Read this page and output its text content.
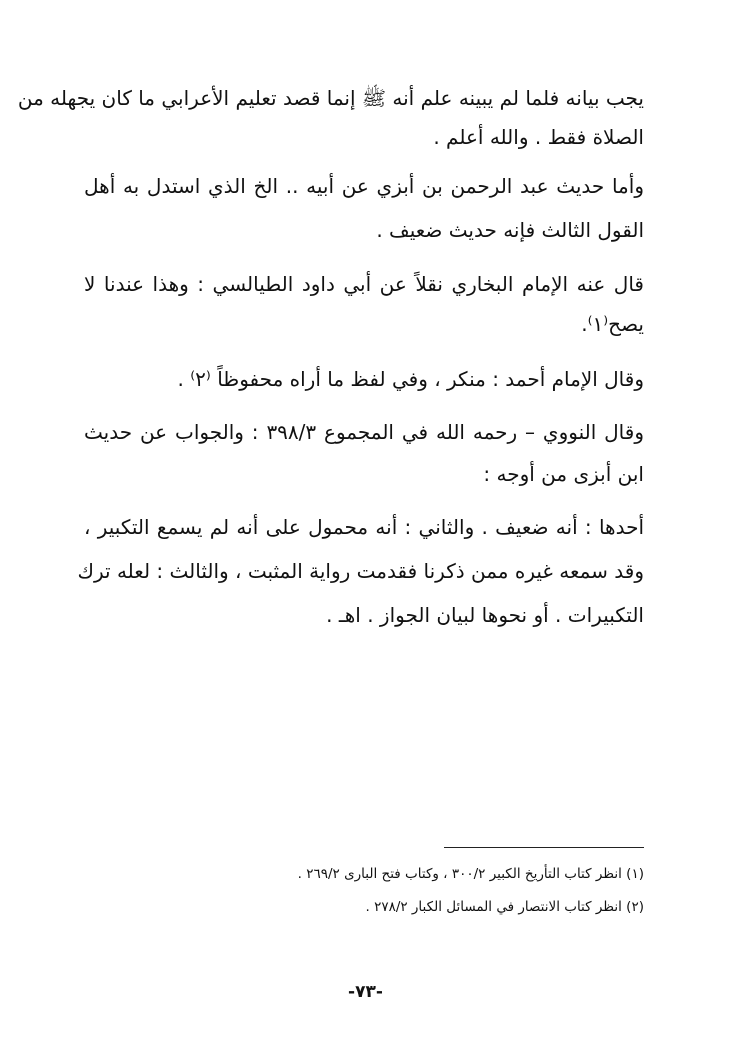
يجب بيانه فلما لم يبينه علم أنه ﷺ إنما قصد تعليم الأعرابي ما كان يجهله من
الصلاة فقط . والله أعلم .
وأما حديث عبد الرحمن بن أبزي عن أبيه .. الخ الذي استدل به أهل
القول الثالث فإنه حديث ضعيف .
قال عنه الإمام البخاري نقلاً عن أبي داود الطيالسي : وهذا عندنا لا
يصح⁽١⁾.
وقال الإمام أحمد : منكر ، وفي لفظ ما أراه محفوظاً ⁽٢⁾ .
وقال النووي – رحمه الله في المجموع ٣٩٨/٣ : والجواب عن حديث
ابن أبزى من أوجه :
أحدها : أنه ضعيف . والثاني : أنه محمول على أنه لم يسمع التكبير ،
وقد سمعه غيره ممن ذكرنا فقدمت رواية المثبت ، والثالث : لعله ترك
التكبيرات . أو نحوها لبيان الجواز . اهـ .
(١) انظر كتاب التأريخ الكبير ٣٠٠/٢ ، وكتاب فتح البارى ٢٦٩/٢ .
(٢) انظر كتاب الانتصار في المسائل الكبار ٢٧٨/٢ .
-٧٣-
